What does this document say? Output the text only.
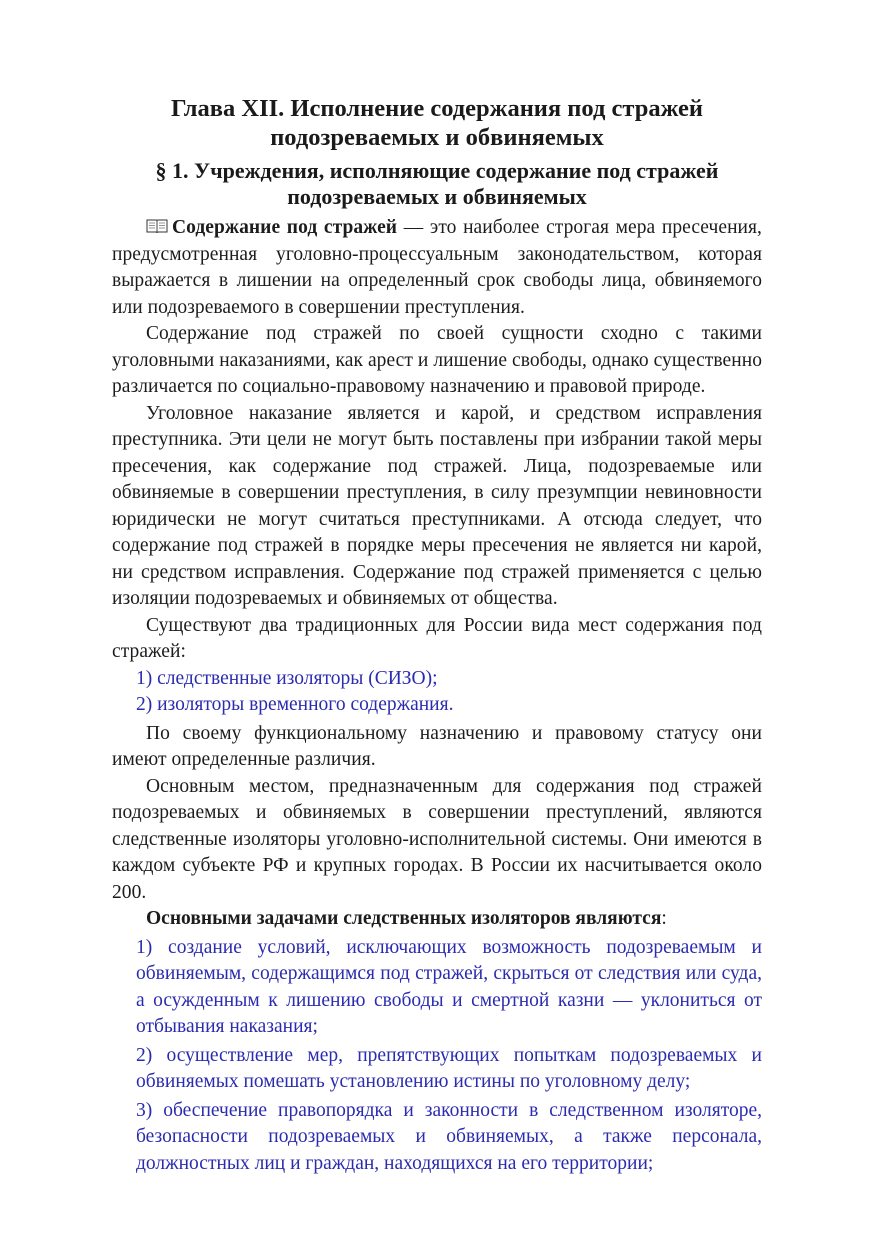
Глава XII. Исполнение содержания под стражей
подозреваемых и обвиняемых
§ 1. Учреждения, исполняющие содержание под стражей
подозреваемых и обвиняемых

Содержание под стражей — это наиболее строгая мера пресечения, предусмотренная уголовно-процессуальным законодательством, которая выражается в лишении на определенный срок свободы лица, обвиняемого или подозреваемого в совершении преступления.

Содержание под стражей по своей сущности сходно с такими уголовными наказаниями, как арест и лишение свободы, однако существенно различается по социально-правовому назначению и правовой природе.

Уголовное наказание является и карой, и средством исправления преступника. Эти цели не могут быть поставлены при избрании такой меры пресечения, как содержание под стражей. Лица, подозреваемые или обвиняемые в совершении преступления, в силу презумпции невиновности юридически не могут считаться преступниками. А отсюда следует, что содержание под стражей в порядке меры пресечения не является ни карой, ни средством исправления. Содержание под стражей применяется с целью изоляции подозреваемых и обвиняемых от общества.

Существуют два традиционных для России вида мест содержания под стражей:

1) следственные изоляторы (СИЗО);

2) изоляторы временного содержания.

По своему функциональному назначению и правовому статусу они имеют определенные различия.

Основным местом, предназначенным для содержания под стражей подозреваемых и обвиняемых в совершении преступлений, являются следственные изоляторы уголовно-исполнительной системы. Они имеются в каждом субъекте РФ и крупных городах. В России их насчитывается около 200.

Основными задачами следственных изоляторов являются:

1) создание условий, исключающих возможность подозреваемым и обвиняемым, содержащимся под стражей, скрыться от следствия или суда, а осужденным к лишению свободы и смертной казни — уклониться от отбывания наказания;

2) осуществление мер, препятствующих попыткам подозреваемых и обвиняемых помешать установлению истины по уголовному делу;

3) обеспечение правопорядка и законности в следственном изоляторе, безопасности подозреваемых и обвиняемых, а также персонала, должностных лиц и граждан, находящихся на его территории;
